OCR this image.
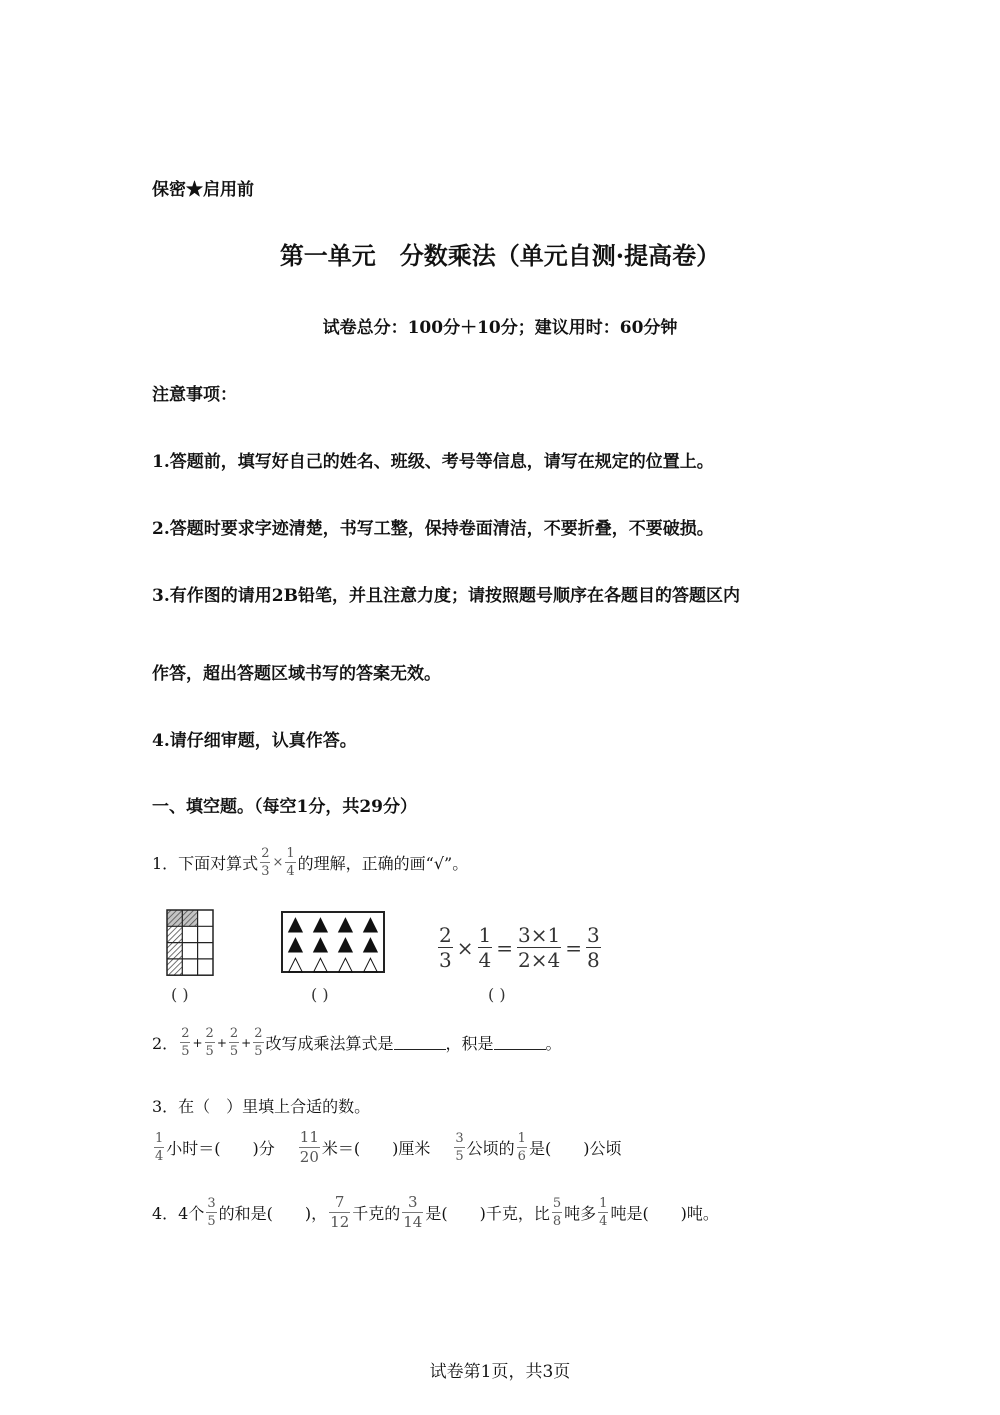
保密★启用前
第一单元　分数乘法（单元自测·提高卷）
试卷总分：100分＋10分；建议用时：60分钟
注意事项：
1.答题前，填写好自己的姓名、班级、考号等信息，请写在规定的位置上。
2.答题时要求字迹清楚，书写工整，保持卷面清洁，不要折叠，不要破损。
3.有作图的请用2B铅笔，并且注意力度；请按照题号顺序在各题目的答题区内
作答，超出答题区域书写的答案无效。
4.请仔细审题，认真作答。
一、填空题。（每空1分，共29分）
1．下面对算式 $\frac{2}{3} \times \frac{1}{4}$ 的理解，正确的画“√”。
( )
▲ ▲ ▲ ▲
▲ ▲ ▲ ▲
△ △ △ △
( )
$\frac{2}{3} \times \frac{1}{4} = \frac{3\times 1}{2\times 4} = \frac{3}{8}$
( )
2． $\frac{2}{5} + \frac{2}{5} + \frac{2}{5} + \frac{2}{5}$ 改写成乘法算式是	，积是	。
3．在（　）里填上合适的数。
$\frac{1}{4}$ 小时＝(　　)分 $\frac{11}{20}$ 米＝(　　)厘米 $\frac{3}{5}$ 公顷的 $\frac{1}{6}$ 是(　　)公顷
4．4个 $\frac{3}{5}$ 的和是(　　)， $\frac{7}{12}$ 千克的 $\frac{3}{14}$ 是(　　)千克，比 $\frac{5}{8}$ 吨多 $\frac{1}{4}$ 吨是(　　)吨。
试卷第1页，共3页
